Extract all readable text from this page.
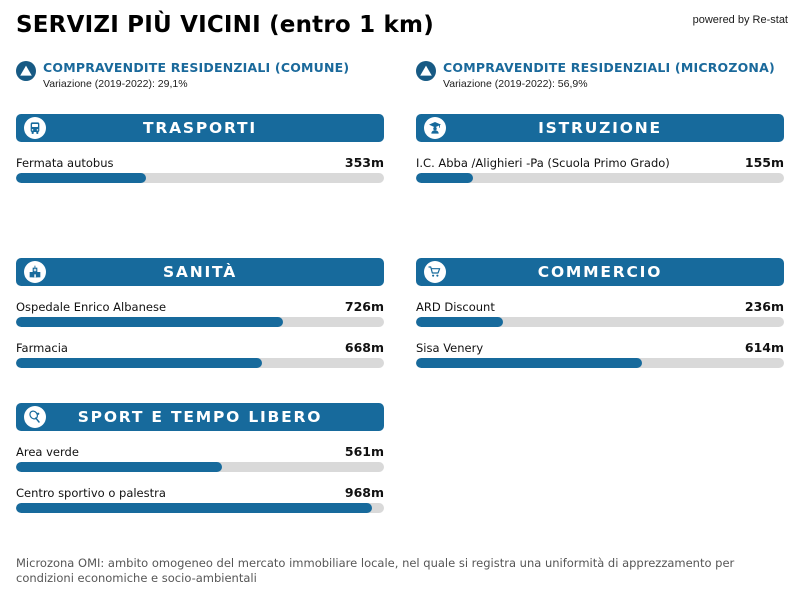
SERVIZI PIÙ VICINI (entro 1 km)	powered by Re-stat
COMPRAVENDITE RESIDENZIALI (COMUNE)
Variazione (2019-2022): 29,1%
COMPRAVENDITE RESIDENZIALI (MICROZONA)
Variazione (2019-2022): 56,9%
TRASPORTI
Fermata autobus	353m
ISTRUZIONE
I.C. Abba /Alighieri -Pa (Scuola Primo Grado)	155m
SANITÀ
Ospedale Enrico Albanese	726m
Farmacia	668m
COMMERCIO
ARD Discount	236m
Sisa Venery	614m
SPORT E TEMPO LIBERO
Area verde	561m
Centro sportivo o palestra	968m
Microzona OMI: ambito omogeneo del mercato immobiliare locale, nel quale si registra una uniformità di apprezzamento per condizioni economiche e socio-ambientali
